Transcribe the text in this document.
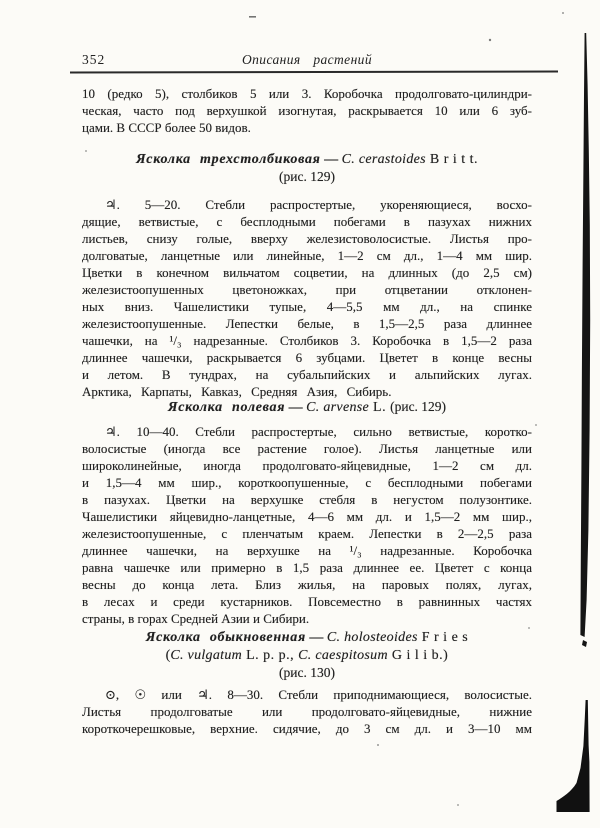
352	Описания растений
10 (редко 5), столбиков 5 или 3. Коробочка продолговато-цилиндри-
ческая, часто под верхушкой изогнутая, раскрывается 10 или 6 зуб-
цами. В СССР более 50 видов.
Ясколка трехстолбиковая — C. cerastoides B r i t t.
(рис. 129)
♃. 5—20. Стебли распростертые, укореняющиеся, восхо-
дящие, ветвистые, с бесплодными побегами в пазухах нижних
листьев, снизу голые, вверху железистоволосистые. Листья про-
долговатые, ланцетные или линейные, 1—2 см дл., 1—4 мм шир.
Цветки в конечном вильчатом соцветии, на длинных (до 2,5 см)
железистоопушенных цветоножках, при отцветании отклонен-
ных вниз. Чашелистики тупые, 4—5,5 мм дл., на спинке
железистоопушенные. Лепестки белые, в 1,5—2,5 раза длиннее
чашечки, на ¹/₃ надрезанные. Столбиков 3. Коробочка в 1,5—2 раза
длиннее чашечки, раскрывается 6 зубцами. Цветет в конце весны
и летом. В тундрах, на субальпийских и альпийских лугах.
Арктика, Карпаты, Кавказ, Средняя Азия, Сибирь.
Ясколка полевая — C. arvense L. (рис. 129)
♃. 10—40. Стебли распростертые, сильно ветвистые, коротко-
волосистые (иногда все растение голое). Листья ланцетные или
широколинейные, иногда продолговато-яйцевидные, 1—2 см дл.
и 1,5—4 мм шир., короткоопушенные, с бесплодными побегами
в пазухах. Цветки на верхушке стебля в негустом полузонтике.
Чашелистики яйцевидно-ланцетные, 4—6 мм дл. и 1,5—2 мм шир.,
железистоопушенные, с пленчатым краем. Лепестки в 2—2,5 раза
длиннее чашечки, на верхушке на ¹/₃ надрезанные. Коробочка
равна чашечке или примерно в 1,5 раза длиннее ее. Цветет с конца
весны до конца лета. Близ жилья, на паровых полях, лугах,
в лесах и среди кустарников. Повсеместно в равнинных частях
страны, в горах Средней Азии и Сибири.
Ясколка обыкновенная — C. holosteoides F r i e s
(C. vulgatum L. p. p., C. caespitosum G i l i b.)
(рис. 130)
⊙, ☉ или ♃. 8—30. Стебли приподнимающиеся, волосистые.
Листья продолговатые или продолговато-яйцевидные, нижние
короткочерешковые, верхние. сидячие, до 3 см дл. и 3—10 мм
